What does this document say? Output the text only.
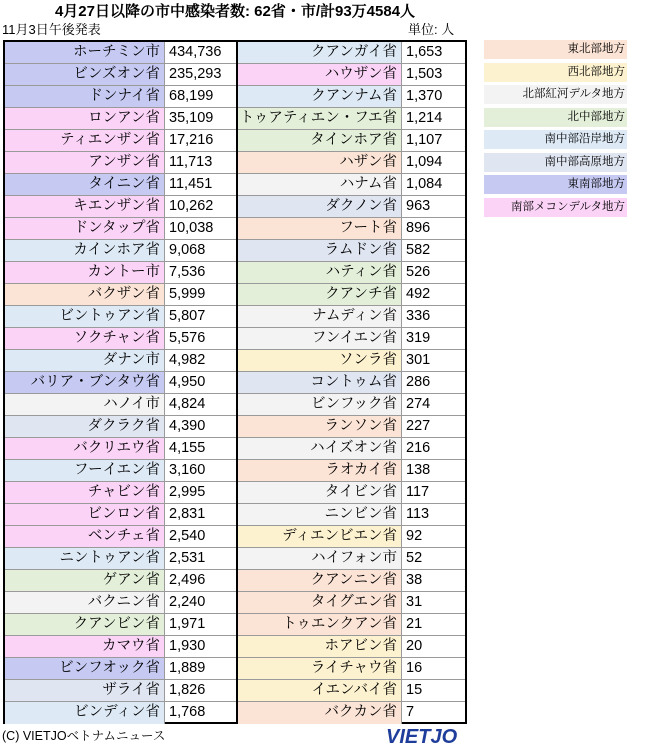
4月27日以降の市中感染者数: 62省・市/計93万4584人
11月3日午後発表	単位: 人
ホーチミン市 434,736
ビンズオン省 235,293
ドンナイ省 68,199
ロンアン省 35,109
ティエンザン省 17,216
アンザン省 11,713
タイニン省 11,451
キエンザン省 10,262
ドンタップ省 10,038
カインホア省 9,068
カントー市 7,536
バクザン省 5,999
ビントゥアン省 5,807
ソクチャン省 5,576
ダナン市 4,982
バリア・ブンタウ省 4,950
ハノイ市 4,824
ダクラク省 4,390
バクリエウ省 4,155
フーイエン省 3,160
チャビン省 2,995
ビンロン省 2,831
ベンチェ省 2,540
ニントゥアン省 2,531
ゲアン省 2,496
バクニン省 2,240
クアンビン省 1,971
カマウ省 1,930
ビンフオック省 1,889
ザライ省 1,826
ビンディン省 1,768
クアンガイ省 1,653
ハウザン省 1,503
クアンナム省 1,370
トゥアティエン・フエ省 1,214
タインホア省 1,107
ハザン省 1,094
ハナム省 1,084
ダクノン省 963
フート省 896
ラムドン省 582
ハティン省 526
クアンチ省 492
ナムディン省 336
フンイエン省 319
ソンラ省 301
コントゥム省 286
ビンフック省 274
ランソン省 227
ハイズオン省 216
ラオカイ省 138
タイビン省 117
ニンビン省 113
ディエンビエン省 92
ハイフォン市 52
クアンニン省 38
タイグエン省 31
トゥエンクアン省 21
ホアビン省 20
ライチャウ省 16
イエンバイ省 15
バクカン省 7
東北部地方
西北部地方
北部紅河デルタ地方
北中部地方
南中部沿岸地方
南中部高原地方
東南部地方
南部メコンデルタ地方
(C) VIETJOベトナムニュース	VIETJO
